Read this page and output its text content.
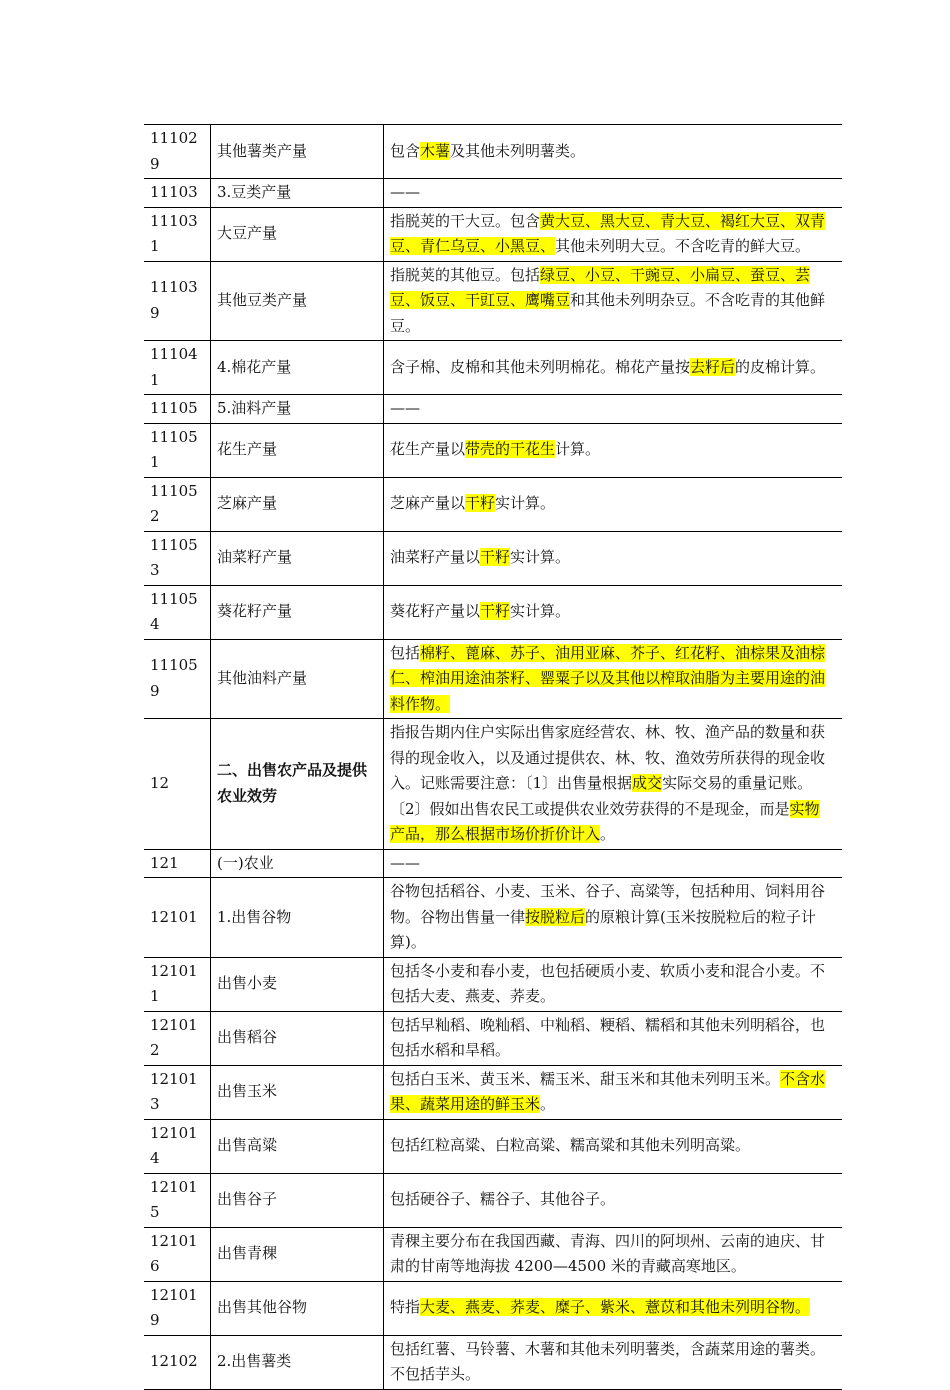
111029	其他薯类产量	包含木薯及其他未列明薯类。
11103	3.豆类产量	——
111031	大豆产量	指脱荚的干大豆。包含黄大豆、黑大豆、青大豆、褐红大豆、双青豆、青仁乌豆、小黑豆、其他未列明大豆。不含吃青的鲜大豆。
111039	其他豆类产量	指脱荚的其他豆。包括绿豆、小豆、干豌豆、小扁豆、蚕豆、芸豆、饭豆、干豇豆、鹰嘴豆和其他未列明杂豆。不含吃青的其他鲜豆。
111041	4.棉花产量	含子棉、皮棉和其他未列明棉花。棉花产量按去籽后的皮棉计算。
11105	5.油料产量	——
111051	花生产量	花生产量以带壳的干花生计算。
111052	芝麻产量	芝麻产量以干籽实计算。
111053	油菜籽产量	油菜籽产量以干籽实计算。
111054	葵花籽产量	葵花籽产量以干籽实计算。
111059	其他油料产量	包括棉籽、蓖麻、苏子、油用亚麻、芥子、红花籽、油棕果及油棕仁、榨油用途油茶籽、罂粟子以及其他以榨取油脂为主要用途的油料作物。
12	二、出售农产品及提供农业效劳	指报告期内住户实际出售家庭经营农、林、牧、渔产品的数量和获得的现金收入，以及通过提供农、林、牧、渔效劳所获得的现金收入。记账需要注意：〔1〕出售量根据成交实际交易的重量记账。〔2〕假如出售农民工或提供农业效劳获得的不是现金，而是实物产品，那么根据市场价折价计入。
121	(一)农业	——
12101	1.出售谷物	谷物包括稻谷、小麦、玉米、谷子、高粱等，包括种用、饲料用谷物。谷物出售量一律按脱粒后的原粮计算(玉米按脱粒后的粒子计算)。
121011	出售小麦	包括冬小麦和春小麦，也包括硬质小麦、软质小麦和混合小麦。不包括大麦、燕麦、荞麦。
121012	出售稻谷	包括早籼稻、晚籼稻、中籼稻、粳稻、糯稻和其他未列明稻谷，也包括水稻和旱稻。
121013	出售玉米	包括白玉米、黄玉米、糯玉米、甜玉米和其他未列明玉米。不含水果、蔬菜用途的鲜玉米。
121014	出售高粱	包括红粒高粱、白粒高粱、糯高粱和其他未列明高粱。
121015	出售谷子	包括硬谷子、糯谷子、其他谷子。
121016	出售青稞	青稞主要分布在我国西藏、青海、四川的阿坝州、云南的迪庆、甘肃的甘南等地海拔 4200—4500 米的青藏高寒地区。
121019	出售其他谷物	特指大麦、燕麦、荞麦、糜子、紫米、薏苡和其他未列明谷物。
12102	2.出售薯类	包括红薯、马铃薯、木薯和其他未列明薯类，含蔬菜用途的薯类。不包括芋头。
